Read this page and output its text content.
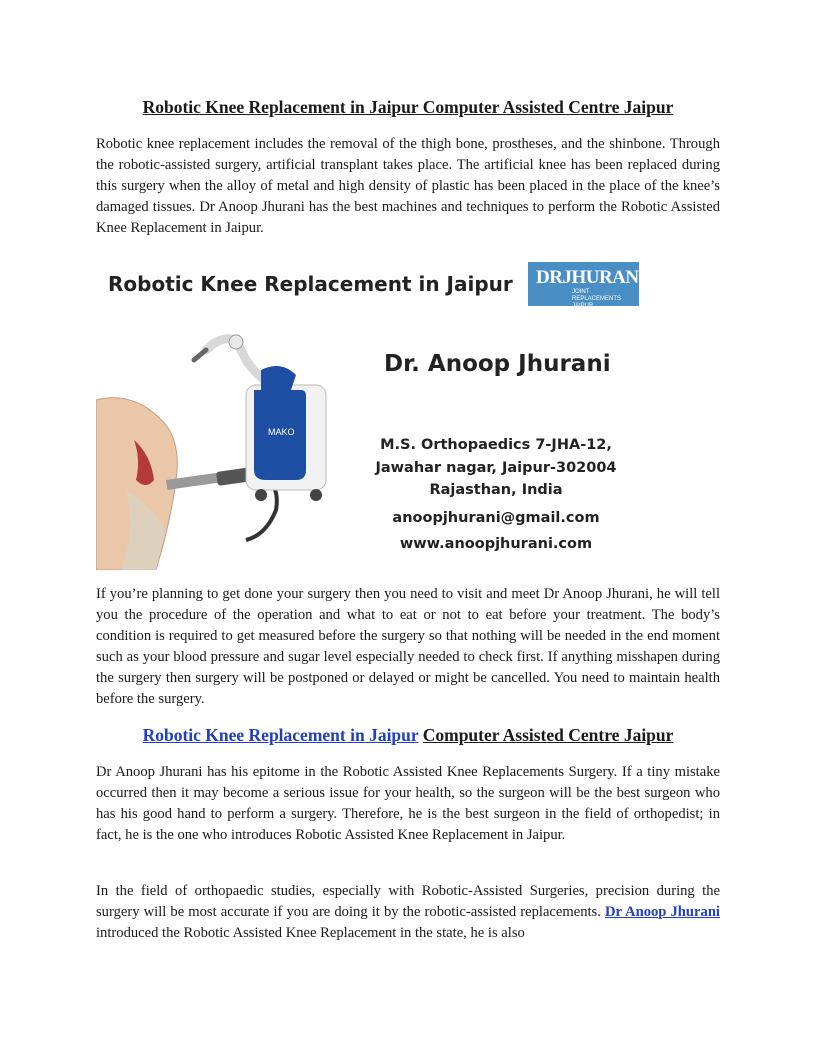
Robotic Knee Replacement in Jaipur Computer Assisted Centre Jaipur

Robotic knee replacement includes the removal of the thigh bone, prostheses, and the shinbone. Through the robotic-assisted surgery, artificial transplant takes place. The artificial knee has been replaced during this surgery when the alloy of metal and high density of plastic has been placed in the place of the knee’s damaged tissues. Dr Anoop Jhurani has the best machines and techniques to perform the Robotic Assisted Knee Replacement in Jaipur.

Robotic Knee Replacement in Jaipur DRJHURANI
JOINT REPLACEMENTS
JAIPUR
MAKO
Dr. Anoop Jhurani
M.S. Orthopaedics 7-JHA-12,
Jawahar nagar, Jaipur-302004
Rajasthan, India
anoopjhurani@gmail.com
www.anoopjhurani.com

If you’re planning to get done your surgery then you need to visit and meet Dr Anoop Jhurani, he will tell you the procedure of the operation and what to eat or not to eat before your treatment. The body’s condition is required to get measured before the surgery so that nothing will be needed in the end moment such as your blood pressure and sugar level especially needed to check first. If anything misshapen during the surgery then surgery will be postponed or delayed or might be cancelled. You need to maintain health before the surgery.

Robotic Knee Replacement in Jaipur Computer Assisted Centre Jaipur

Dr Anoop Jhurani has his epitome in the Robotic Assisted Knee Replacements Surgery. If a tiny mistake occurred then it may become a serious issue for your health, so the surgeon will be the best surgeon who has his good hand to perform a surgery. Therefore, he is the best surgeon in the field of orthopedist; in fact, he is the one who introduces Robotic Assisted Knee Replacement in Jaipur.

In the field of orthopaedic studies, especially with Robotic-Assisted Surgeries, precision during the surgery will be most accurate if you are doing it by the robotic-assisted replacements. Dr Anoop Jhurani introduced the Robotic Assisted Knee Replacement in the state, he is also
